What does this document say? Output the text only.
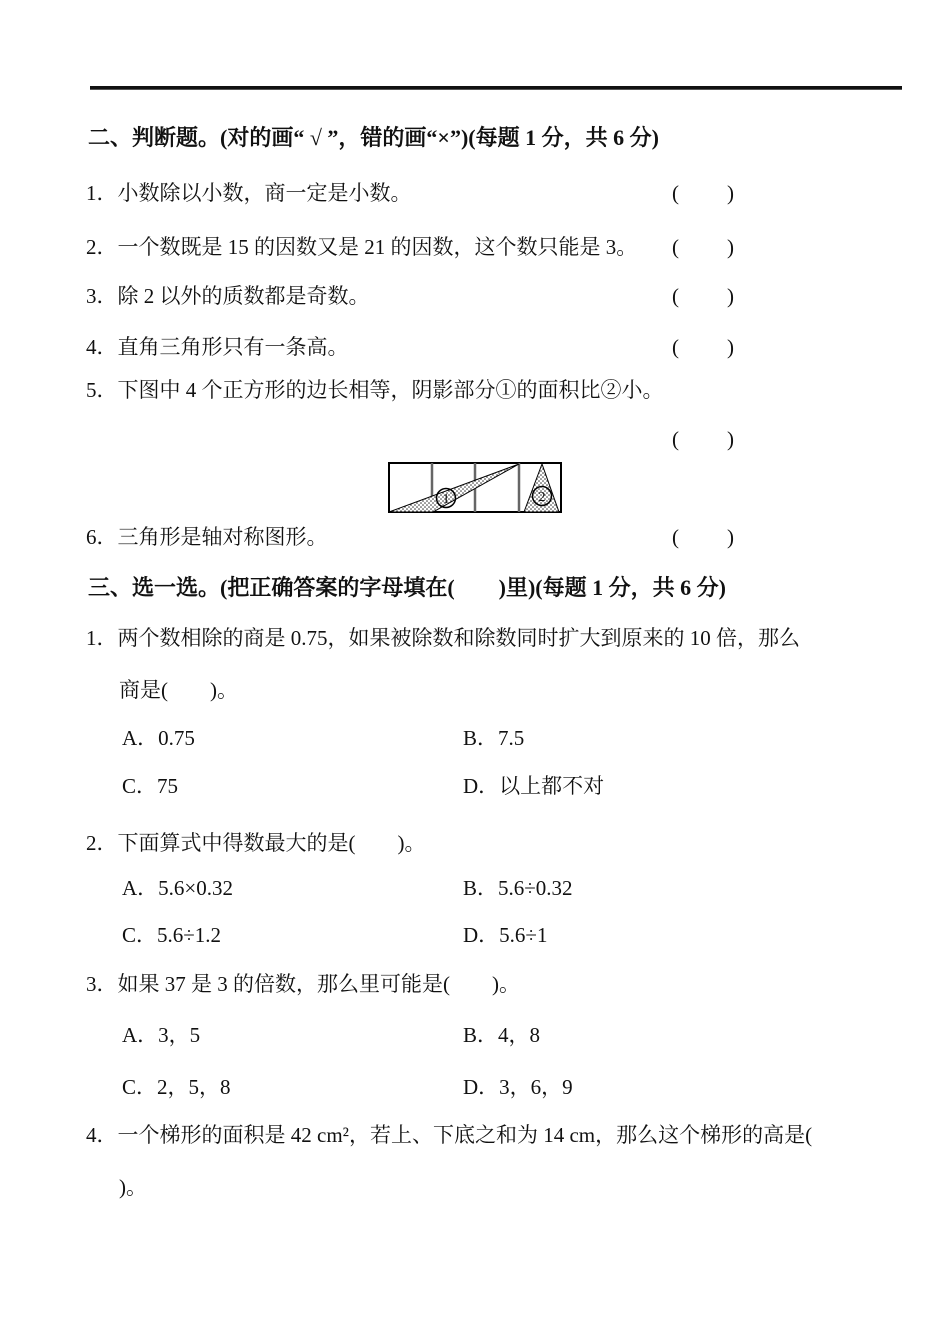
二、判断题。(对的画“ √ ”，错的画“×”)(每题 1 分，共 6 分)
1．小数除以小数，商一定是小数。	(　　)
2．一个数既是 15 的因数又是 21 的因数，这个数只能是 3。 (　　)
3．除 2 以外的质数都是奇数。	(　　)
4．直角三角形只有一条高。	(　　)
5．下图中 4 个正方形的边长相等，阴影部分①的面积比②小。
(　　)
1	2
6．三角形是轴对称图形。	(　　)
三、选一选。(把正确答案的字母填在(　　)里)(每题 1 分，共 6 分)
1．两个数相除的商是 0.75，如果被除数和除数同时扩大到原来的 10 倍，那么
商是(　　)。
A．0.75	B．7.5
C．75	D．以上都不对
2．下面算式中得数最大的是(　　)。
A．5.6×0.32	B．5.6÷0.32
C．5.6÷1.2	D．5.6÷1
3．如果 37 是 3 的倍数，那么里可能是(　　)。
A．3，5	B．4，8
C．2，5，8	D．3，6，9
4．一个梯形的面积是 42 cm²，若上、下底之和为 14 cm，那么这个梯形的高是(
)。
